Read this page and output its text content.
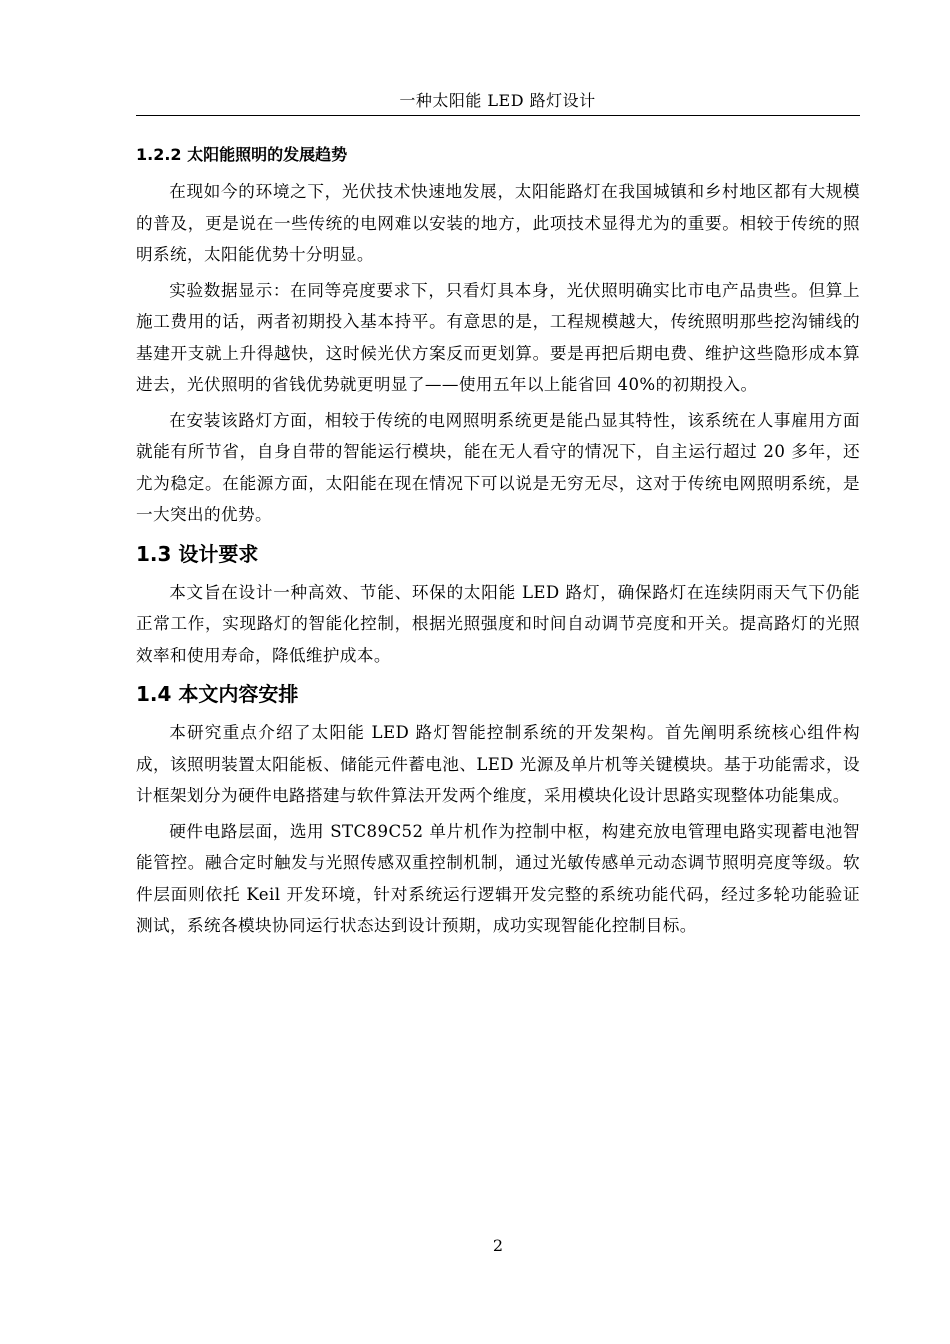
一种太阳能 LED 路灯设计
1.2.2 太阳能照明的发展趋势

在现如今的环境之下，光伏技术快速地发展，太阳能路灯在我国城镇和乡村地区都有大规模的普及，更是说在一些传统的电网难以安装的地方，此项技术显得尤为的重要。相较于传统的照明系统，太阳能优势十分明显。

实验数据显示：在同等亮度要求下，只看灯具本身，光伏照明确实比市电产品贵些。但算上施工费用的话，两者初期投入基本持平。有意思的是，工程规模越大，传统照明那些挖沟铺线的基建开支就上升得越快，这时候光伏方案反而更划算。要是再把后期电费、维护这些隐形成本算进去，光伏照明的省钱优势就更明显了——使用五年以上能省回 40%的初期投入。

在安装该路灯方面，相较于传统的电网照明系统更是能凸显其特性，该系统在人事雇用方面就能有所节省，自身自带的智能运行模块，能在无人看守的情况下，自主运行超过 20 多年，还尤为稳定。在能源方面，太阳能在现在情况下可以说是无穷无尽，这对于传统电网照明系统，是一大突出的优势。

1.3 设计要求

本文旨在设计一种高效、节能、环保的太阳能 LED 路灯，确保路灯在连续阴雨天气下仍能正常工作，实现路灯的智能化控制，根据光照强度和时间自动调节亮度和开关。提高路灯的光照效率和使用寿命，降低维护成本。

1.4 本文内容安排

本研究重点介绍了太阳能 LED 路灯智能控制系统的开发架构。首先阐明系统核心组件构成，该照明装置太阳能板、储能元件蓄电池、LED 光源及单片机等关键模块。基于功能需求，设计框架划分为硬件电路搭建与软件算法开发两个维度，采用模块化设计思路实现整体功能集成。

硬件电路层面，选用 STC89C52 单片机作为控制中枢，构建充放电管理电路实现蓄电池智能管控。融合定时触发与光照传感双重控制机制，通过光敏传感单元动态调节照明亮度等级。软件层面则依托 Keil 开发环境，针对系统运行逻辑开发完整的系统功能代码，经过多轮功能验证测试，系统各模块协同运行状态达到设计预期，成功实现智能化控制目标。

2
